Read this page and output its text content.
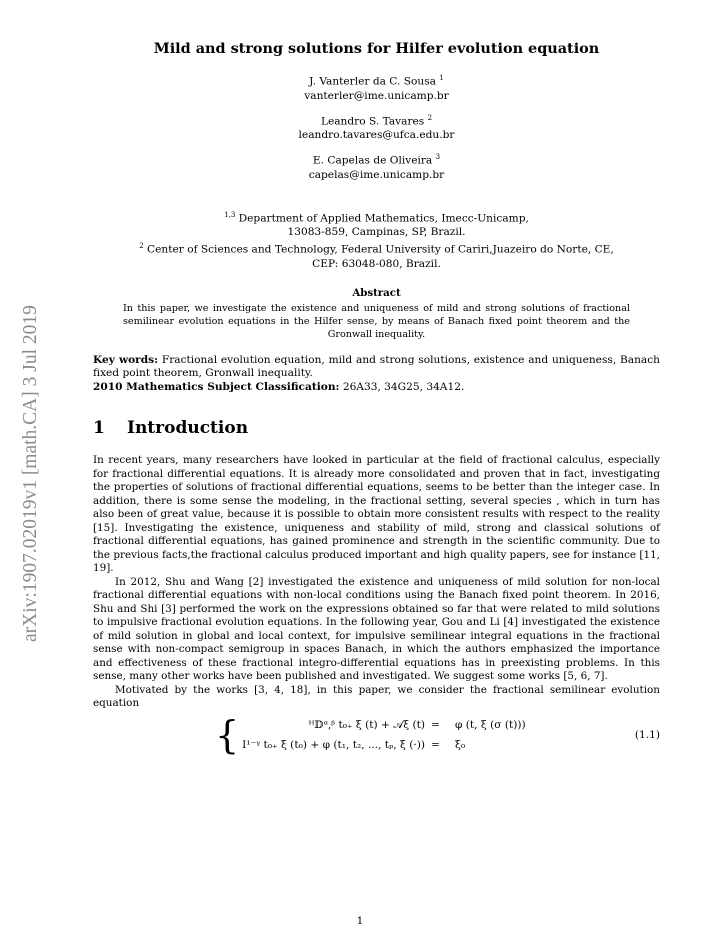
arXiv:1907.02019v1 [math.CA] 3 Jul 2019
Mild and strong solutions for Hilfer evolution equation
J. Vanterler da C. Sousa $^1$
vanterler@ime.unicamp.br
Leandro S. Tavares $^2$
leandro.tavares@ufca.edu.br
E. Capelas de Oliveira $^3$
capelas@ime.unicamp.br
$^{1,3}$ Department of Applied Mathematics, Imecc-Unicamp,
13083-859, Campinas, SP, Brazil.
$^2$ Center of Sciences and Technology, Federal University of Cariri,Juazeiro do Norte, CE,
CEP: 63048-080, Brazil.
Abstract
In this paper, we investigate the existence and uniqueness of mild and strong solutions of fractional semilinear evolution equations in the Hilfer sense, by means of Banach fixed point theorem and the Gronwall inequality.
Key words: Fractional evolution equation, mild and strong solutions, existence and uniqueness, Banach fixed point theorem, Gronwall inequality.
2010 Mathematics Subject Classification: 26A33, 34G25, 34A12.
1 Introduction

In recent years, many researchers have looked in particular at the field of fractional calculus, especially for fractional differential equations. It is already more consolidated and proven that in fact, investigating the properties of solutions of fractional differential equations, seems to be better than the integer case. In addition, there is some sense the modeling, in the fractional setting, several species , which in turn has also been of great value, because it is possible to obtain more consistent results with respect to the reality [15]. Investigating the existence, uniqueness and stability of mild, strong and classical solutions of fractional differential equations, has gained prominence and strength in the scientific community. Due to the previous facts,the fractional calculus produced important and high quality papers, see for instance [11, 19].

In 2012, Shu and Wang [2] investigated the existence and uniqueness of mild solution for non-local fractional differential equations with non-local conditions using the Banach fixed point theorem. In 2016, Shu and Shi [3] performed the work on the expressions obtained so far that were related to mild solutions to impulsive fractional evolution equations. In the following year, Gou and Li [4] investigated the existence of mild solution in global and local context, for impulsive semilinear integral equations in the fractional sense with non-compact semigroup in spaces Banach, in which the authors emphasized the importance and effectiveness of these fractional integro-differential equations has in preexisting problems. In this sense, many other works have been published and investigated. We suggest some works [5, 6, 7].

Motivated by the works [3, 4, 18], in this paper, we consider the fractional semilinear evolution equation

{	ᴴ𝔻ᵅ,ᵝ t₀₊ ξ (t) + 𝒜ξ (t) = φ (t, ξ (σ (t)))
I¹⁻ᵞ t₀₊ ξ (t₀) + φ (t₁, t₂, ..., tₚ, ξ (·)) = ξ₀
(1.1)
1
